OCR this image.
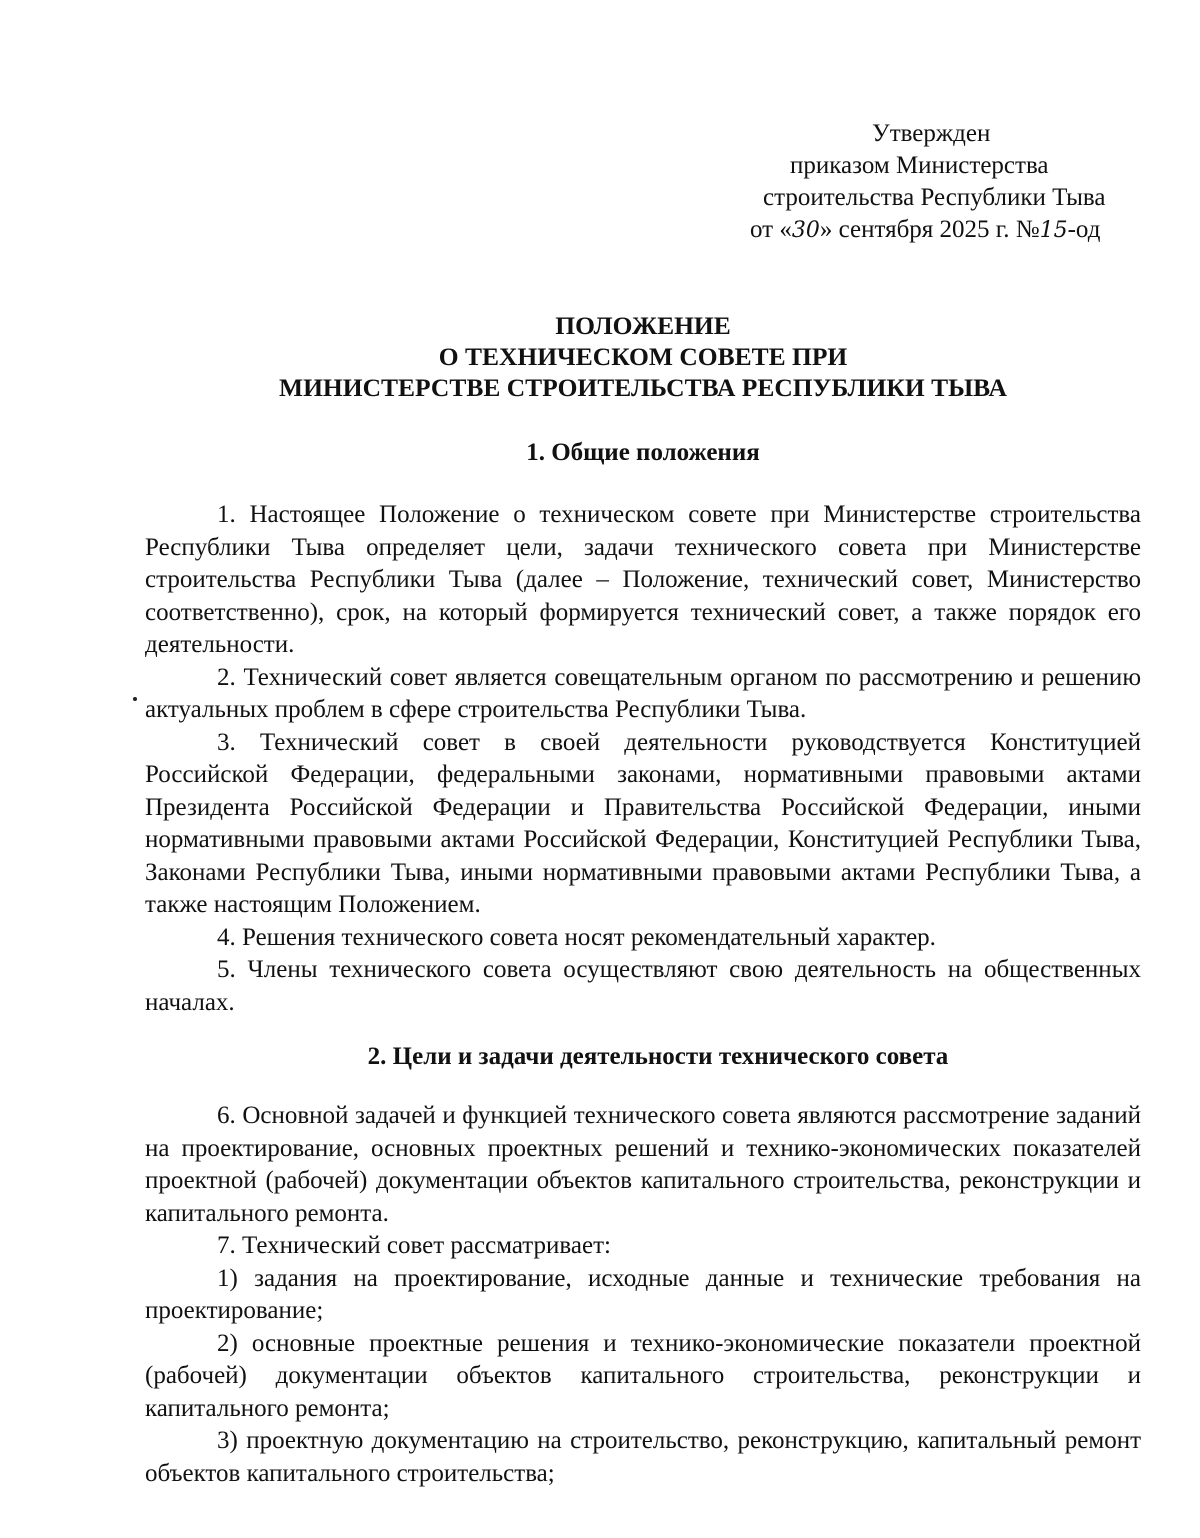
Утвержден
приказом Министерства
строительства Республики Тыва
от «30» сентября 2025 г. №15-од
ПОЛОЖЕНИЕ
О ТЕХНИЧЕСКОМ СОВЕТЕ ПРИ
МИНИСТЕРСТВЕ СТРОИТЕЛЬСТВА РЕСПУБЛИКИ ТЫВА
1. Общие положения

1. Настоящее Положение о техническом совете при Министерстве строительства Республики Тыва определяет цели, задачи технического совета при Министерстве строительства Республики Тыва (далее – Положение, технический совет, Министерство соответственно), срок, на который формируется технический совет, а также порядок его деятельности.

2. Технический совет является совещательным органом по рассмотрению и решению актуальных проблем в сфере строительства Республики Тыва.

3. Технический совет в своей деятельности руководствуется Конституцией Российской Федерации, федеральными законами, нормативными правовыми актами Президента Российской Федерации и Правительства Российской Федерации, иными нормативными правовыми актами Российской Федерации, Конституцией Республики Тыва, Законами Республики Тыва, иными нормативными правовыми актами Республики Тыва, а также настоящим Положением.

4. Решения технического совета носят рекомендательный характер.

5. Члены технического совета осуществляют свою деятельность на общественных началах.

2. Цели и задачи деятельности технического совета

6. Основной задачей и функцией технического совета являются рассмотрение заданий на проектирование, основных проектных решений и технико-экономических показателей проектной (рабочей) документации объектов капитального строительства, реконструкции и капитального ремонта.

7. Технический совет рассматривает:

1) задания на проектирование, исходные данные и технические требования на проектирование;

2) основные проектные решения и технико-экономические показатели проектной (рабочей) документации объектов капитального строительства, реконструкции и капитального ремонта;

3) проектную документацию на строительство, реконструкцию, капитальный ремонт объектов капитального строительства;
